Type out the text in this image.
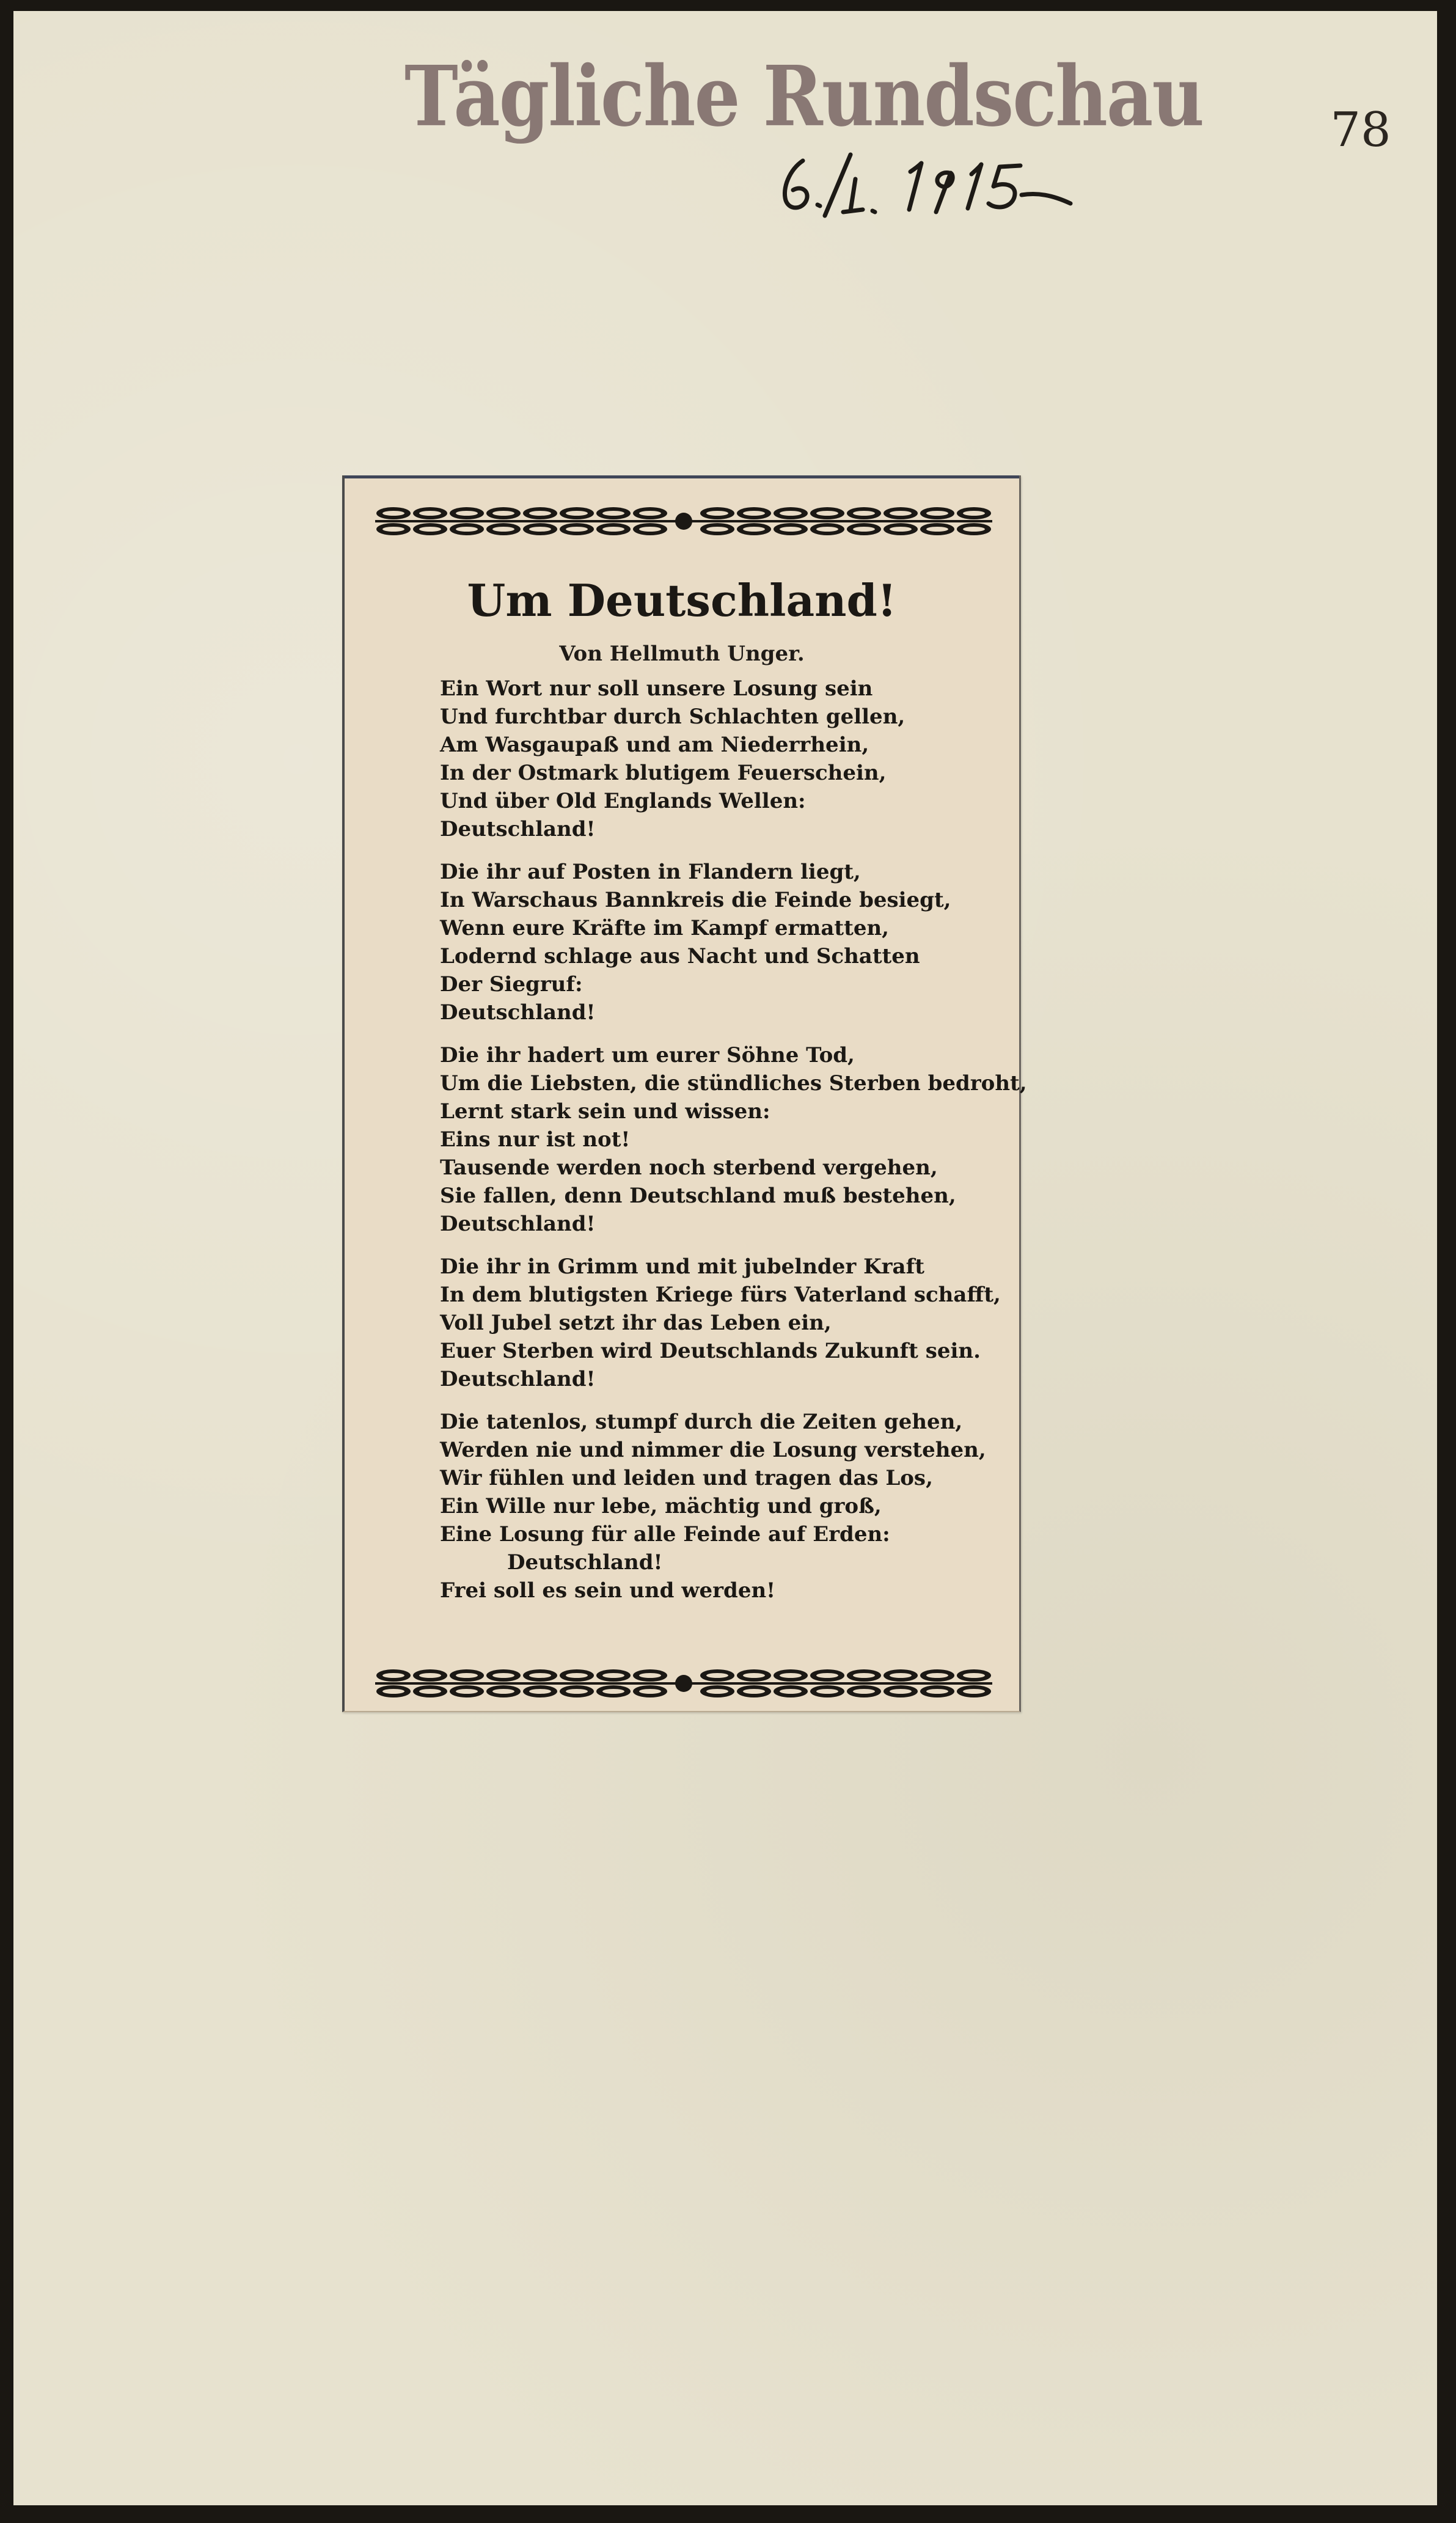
Tägliche Rundschau	78
Um Deutschland!
Von Hellmuth Unger.
Ein Wort nur soll unsere Losung sein
Und furchtbar durch Schlachten gellen,
Am Wasgaupaß und am Niederrhein,
In der Ostmark blutigem Feuerschein,
Und über Old Englands Wellen:
Deutschland!
Die ihr auf Posten in Flandern liegt,
In Warschaus Bannkreis die Feinde besiegt,
Wenn eure Kräfte im Kampf ermatten,
Lodernd schlage aus Nacht und Schatten
Der Siegruf:
Deutschland!
Die ihr hadert um eurer Söhne Tod,
Um die Liebsten, die stündliches Sterben bedroht,
Lernt stark sein und wissen:
Eins nur ist not!
Tausende werden noch sterbend vergehen,
Sie fallen, denn Deutschland muß bestehen,
Deutschland!
Die ihr in Grimm und mit jubelnder Kraft
In dem blutigsten Kriege fürs Vaterland schafft,
Voll Jubel setzt ihr das Leben ein,
Euer Sterben wird Deutschlands Zukunft sein.
Deutschland!
Die tatenlos, stumpf durch die Zeiten gehen,
Werden nie und nimmer die Losung verstehen,
Wir fühlen und leiden und tragen das Los,
Ein Wille nur lebe, mächtig und groß,
Eine Losung für alle Feinde auf Erden:
Deutschland!
Frei soll es sein und werden!
